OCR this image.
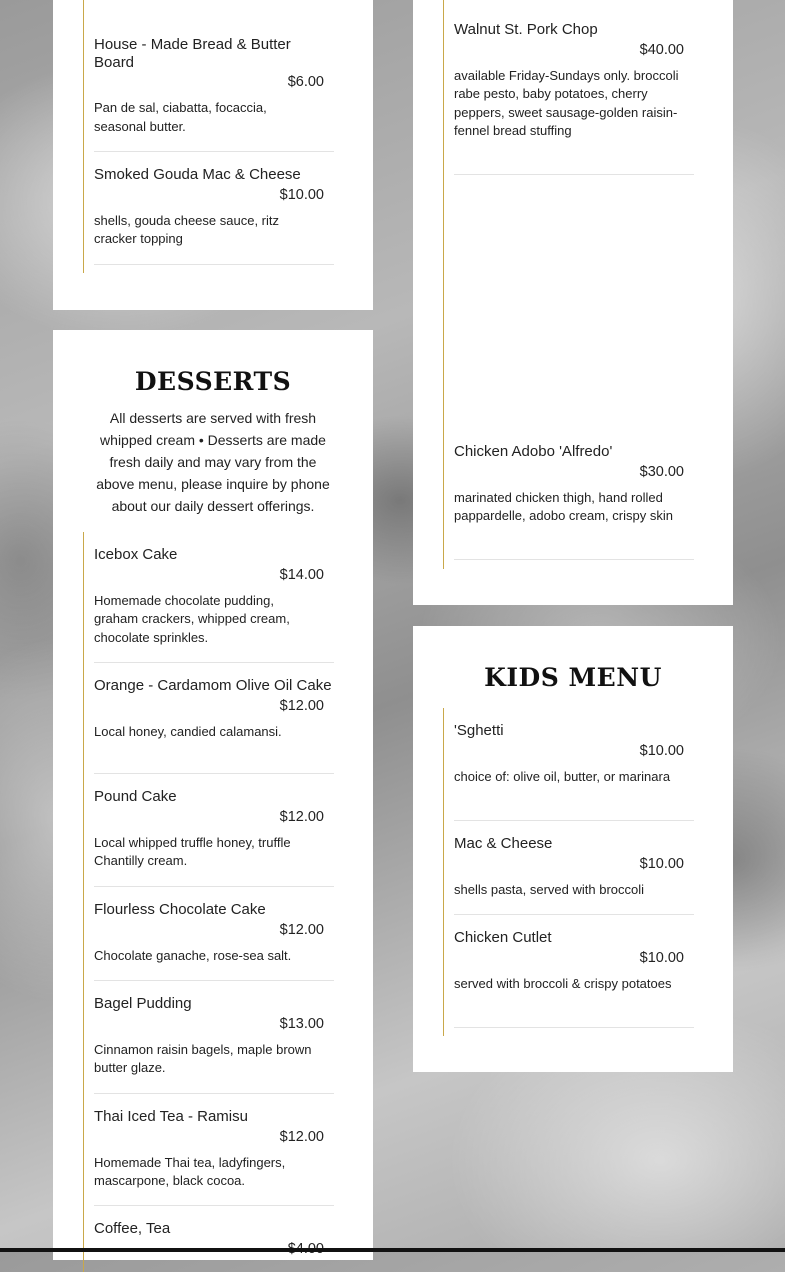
House - Made Bread & Butter Board
$6.00
Pan de sal, ciabatta, focaccia, seasonal butter.
Smoked Gouda Mac & Cheese
$10.00
shells, gouda cheese sauce, ritz cracker topping
DESSERTS
All desserts are served with fresh whipped cream • Desserts are made fresh daily and may vary from the above menu, please inquire by phone about our daily dessert offerings.
Icebox Cake
$14.00
Homemade chocolate pudding, graham crackers, whipped cream, chocolate sprinkles.
Orange - Cardamom Olive Oil Cake
$12.00
Local honey, candied calamansi.
Pound Cake
$12.00
Local whipped truffle honey, truffle Chantilly cream.
Flourless Chocolate Cake
$12.00
Chocolate ganache, rose-sea salt.
Bagel Pudding
$13.00
Cinnamon raisin bagels, maple brown butter glaze.
Thai Iced Tea - Ramisu
$12.00
Homemade Thai tea, ladyfingers, mascarpone, black cocoa.
Coffee, Tea
Walnut St. Pork Chop
$40.00
available Friday-Sundays only. broccoli rabe pesto, baby potatoes, cherry peppers, sweet sausage-golden raisin- fennel bread stuffing
Chicken Adobo 'Alfredo'
$30.00
marinated chicken thigh, hand rolled pappardelle, adobo cream, crispy skin
KIDS MENU
'Sghetti
$10.00
choice of: olive oil, butter, or marinara
Mac & Cheese
$10.00
shells pasta, served with broccoli
Chicken Cutlet
$10.00
served with broccoli & crispy potatoes
